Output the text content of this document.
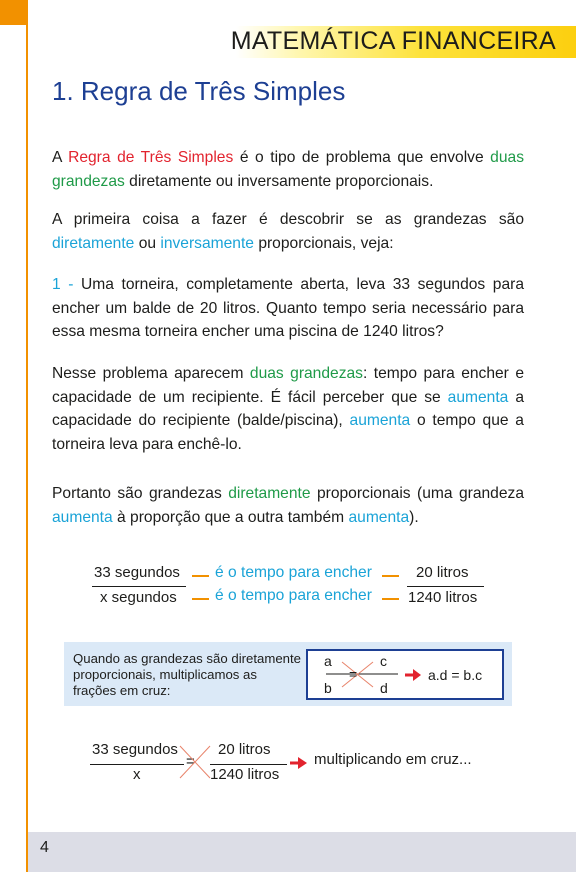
MATEMÁTICA FINANCEIRA
1. Regra de Três Simples

A Regra de Três Simples é o tipo de problema que envolve duas grandezas diretamente ou inversamente proporcionais.

A primeira coisa a fazer é descobrir se as grandezas são diretamente ou inversamente proporcionais, veja:

1 - Uma torneira, completamente aberta, leva 33 segundos para encher um balde de 20 litros. Quanto tempo seria necessário para essa mesma torneira encher uma piscina de 1240 litros?

Nesse problema aparecem duas grandezas: tempo para encher e capacidade de um recipiente. É fácil perceber que se aumenta a capacidade do recipiente (balde/piscina), aumenta o tempo que a torneira leva para enchê-lo.

Portanto são grandezas diretamente proporcionais (uma grandeza aumenta à proporção que a outra também aumenta).

33 segundos
x segundos
é o tempo para encher
é o tempo para encher
20 litros
1240 litros
Quando as grandezas são diretamente proporcionais, multiplicamos as frações em cruz:
a
b
=
c
d
a.d = b.c
33 segundos
x
=
20 litros
1240 litros
multiplicando em cruz...
4
